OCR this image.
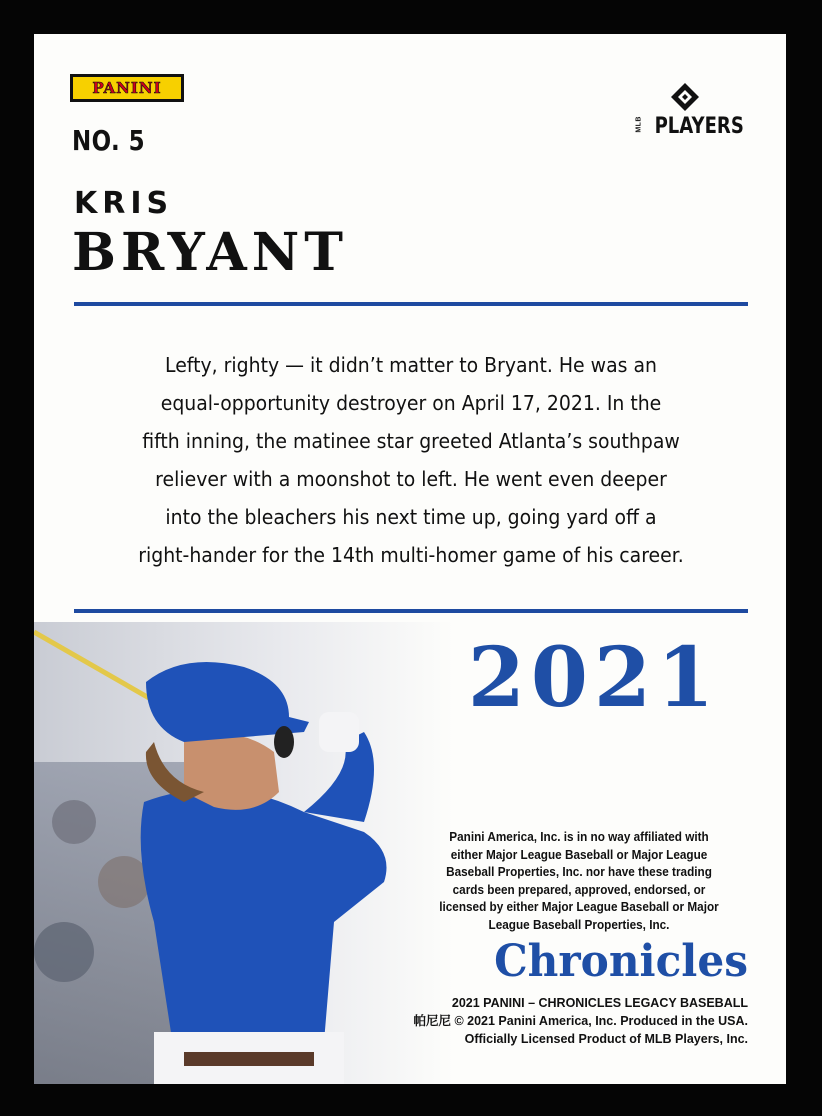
PANINI
NO. 5	MLB PLAYERS
KRIS
BRYANT
Lefty, righty — it didn’t matter to Bryant. He was an
equal-opportunity destroyer on April 17, 2021. In the
fifth inning, the matinee star greeted Atlanta’s southpaw
reliever with a moonshot to left. He went even deeper
into the bleachers his next time up, going yard off a
right-hander for the 14th multi-homer game of his career.
2021
Panini America, Inc. is in no way affiliated with
either Major League Baseball or Major League
Baseball Properties, Inc. nor have these trading
cards been prepared, approved, endorsed, or
licensed by either Major League Baseball or Major
League Baseball Properties, Inc.
Chronicles
2021 PANINI – CHRONICLES LEGACY BASEBALL
帕尼尼 © 2021 Panini America, Inc. Produced in the USA.
Officially Licensed Product of MLB Players, Inc.
